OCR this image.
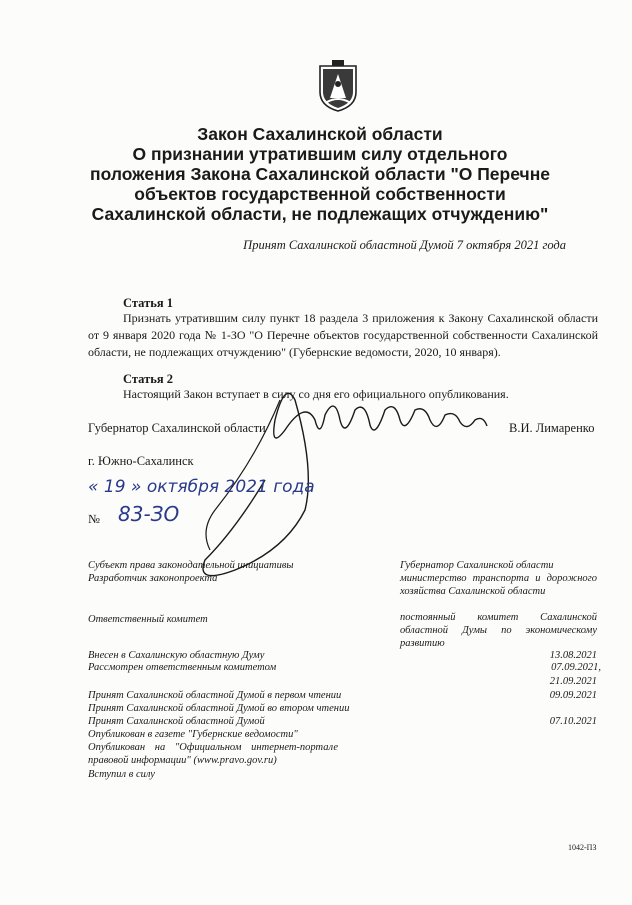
Закон Сахалинской области
О признании утратившим силу отдельного
положения Закона Сахалинской области "О Перечне
объектов государственной собственности
Сахалинской области, не подлежащих отчуждению"
Принят Сахалинской областной Думой 7 октября 2021 года
Статья 1
Признать утратившим силу пункт 18 раздела 3 приложения к Закону Сахалинской области от 9 января 2020 года № 1-ЗО "О Перечне объектов государственной собственности Сахалинской области, не подлежащих отчуждению" (Губернские ведомости, 2020, 10 января).
Статья 2
Настоящий Закон вступает в силу со дня его официального опубликования.
Губернатор Сахалинской области	В.И. Лимаренко
г. Южно-Сахалинск
« 19 » октября 2021 года
№ 83-ЗО
Субъект права законодательной инициативы
Разработчик законопроекта
Ответственный комитет
Внесен в Сахалинскую областную Думу
Рассмотрен ответственным комитетом
Принят Сахалинской областной Думой в первом чтении
Принят Сахалинской областной Думой во втором чтении
Принят Сахалинской областной Думой
Опубликован в газете "Губернские ведомости"
Опубликован на "Официальном интернет-портале правовой информации" (www.pravo.gov.ru)
Вступил в силу
Губернатор Сахалинской области
министерство транспорта и дорожного хозяйства Сахалинской области
постоянный комитет Сахалинской областной Думы по экономическому развитию
13.08.2021
07.09.2021,
21.09.2021
09.09.2021
07.10.2021
1042-ПЗ
